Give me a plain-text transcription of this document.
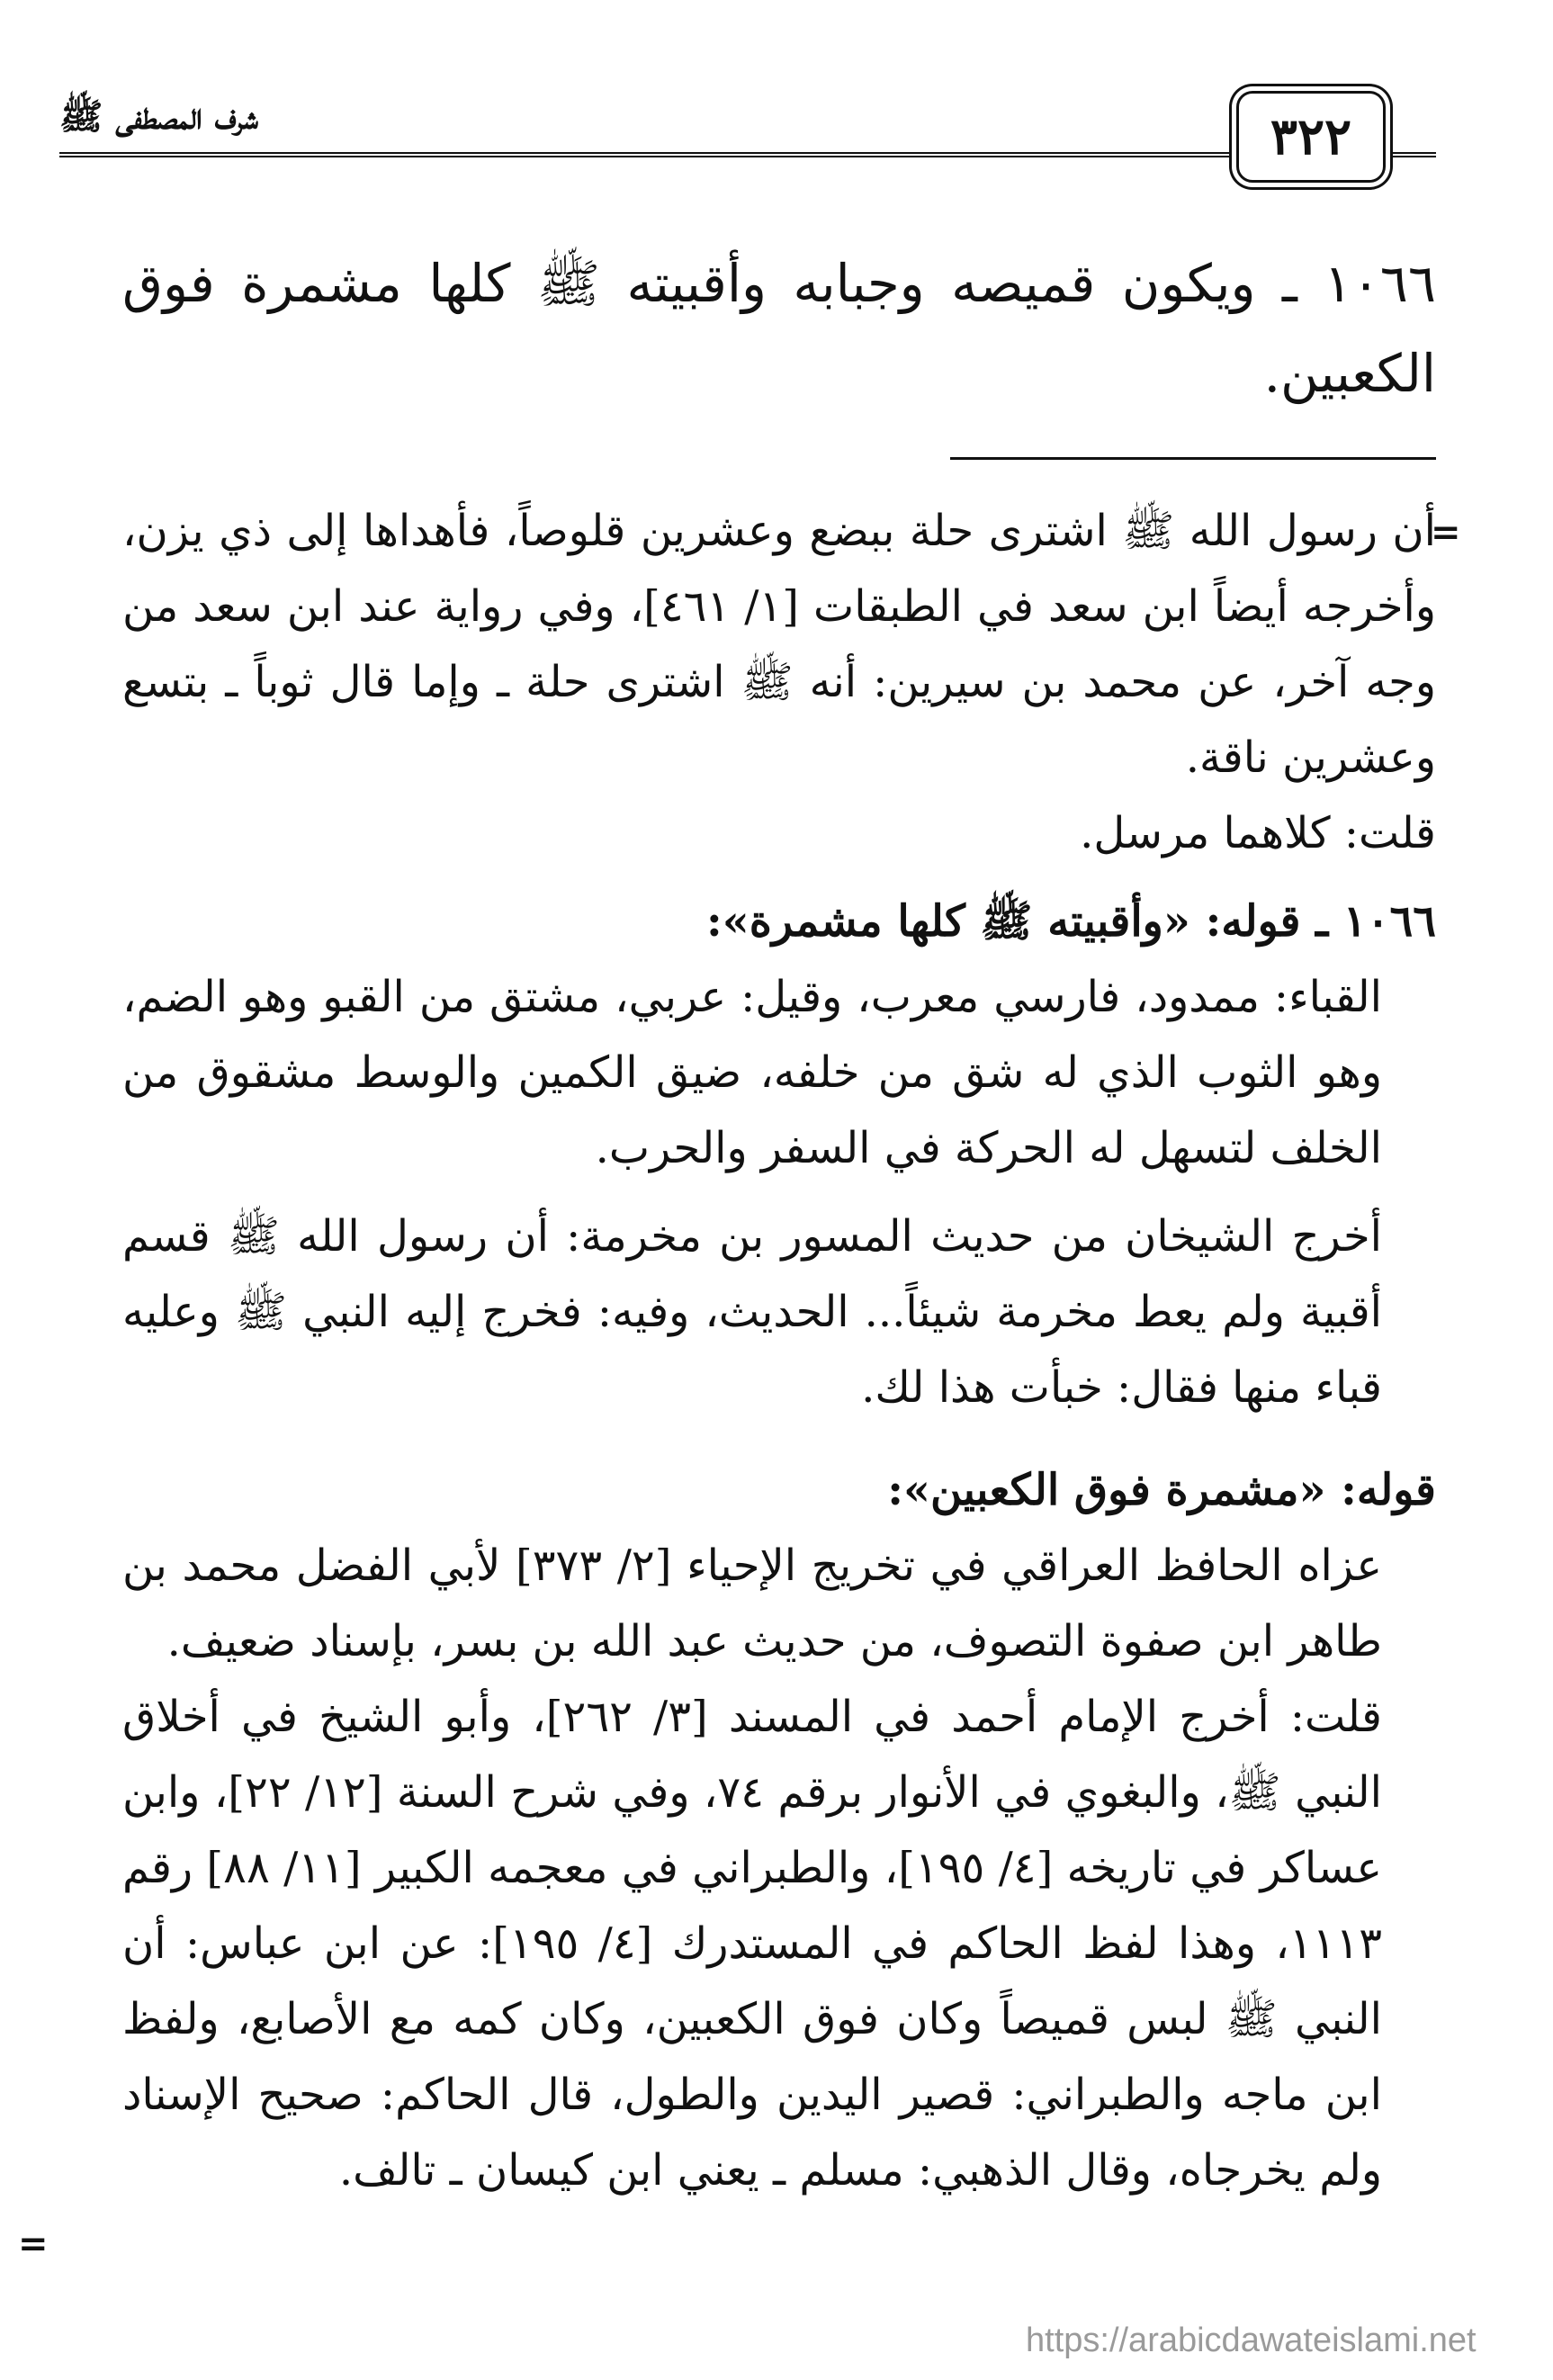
شرف المصطفى ﷺ	٣٢٢
١٠٦٦ ـ ويكون قميصه وجبابه وأقبيته ﷺ كلها مشمرة فوق الكعبين.
=

أن رسول الله ﷺ اشترى حلة ببضع وعشرين قلوصاً، فأهداها إلى ذي يزن، وأخرجه أيضاً ابن سعد في الطبقات [١/ ٤٦١]، وفي رواية عند ابن سعد من وجه آخر، عن محمد بن سيرين: أنه ﷺ اشترى حلة ـ وإما قال ثوباً ـ بتسع وعشرين ناقة.

قلت: كلاهما مرسل.

١٠٦٦ ـ قوله: «وأقبيته ﷺ كلها مشمرة»:

القباء: ممدود، فارسي معرب، وقيل: عربي، مشتق من القبو وهو الضم، وهو الثوب الذي له شق من خلفه، ضيق الكمين والوسط مشقوق من الخلف لتسهل له الحركة في السفر والحرب.

أخرج الشيخان من حديث المسور بن مخرمة: أن رسول الله ﷺ قسم أقبية ولم يعط مخرمة شيئاً... الحديث، وفيه: فخرج إليه النبي ﷺ وعليه قباء منها فقال: خبأت هذا لك.

قوله: «مشمرة فوق الكعبين»:

عزاه الحافظ العراقي في تخريج الإحياء [٢/ ٣٧٣] لأبي الفضل محمد بن طاهر ابن صفوة التصوف، من حديث عبد الله بن بسر، بإسناد ضعيف.

قلت: أخرج الإمام أحمد في المسند [٣/ ٢٦٢]، وأبو الشيخ في أخلاق النبي ﷺ، والبغوي في الأنوار برقم ٧٤، وفي شرح السنة [١٢/ ٢٢]، وابن عساكر في تاريخه [٤/ ١٩٥]، والطبراني في معجمه الكبير [١١/ ٨٨] رقم ١١١٣، وهذا لفظ الحاكم في المستدرك [٤/ ١٩٥]: عن ابن عباس: أن النبي ﷺ لبس قميصاً وكان فوق الكعبين، وكان كمه مع الأصابع، ولفظ ابن ماجه والطبراني: قصير اليدين والطول، قال الحاكم: صحيح الإسناد ولم يخرجاه، وقال الذهبي: مسلم ـ يعني ابن كيسان ـ تالف.

=
https://arabicdawateislami.net
